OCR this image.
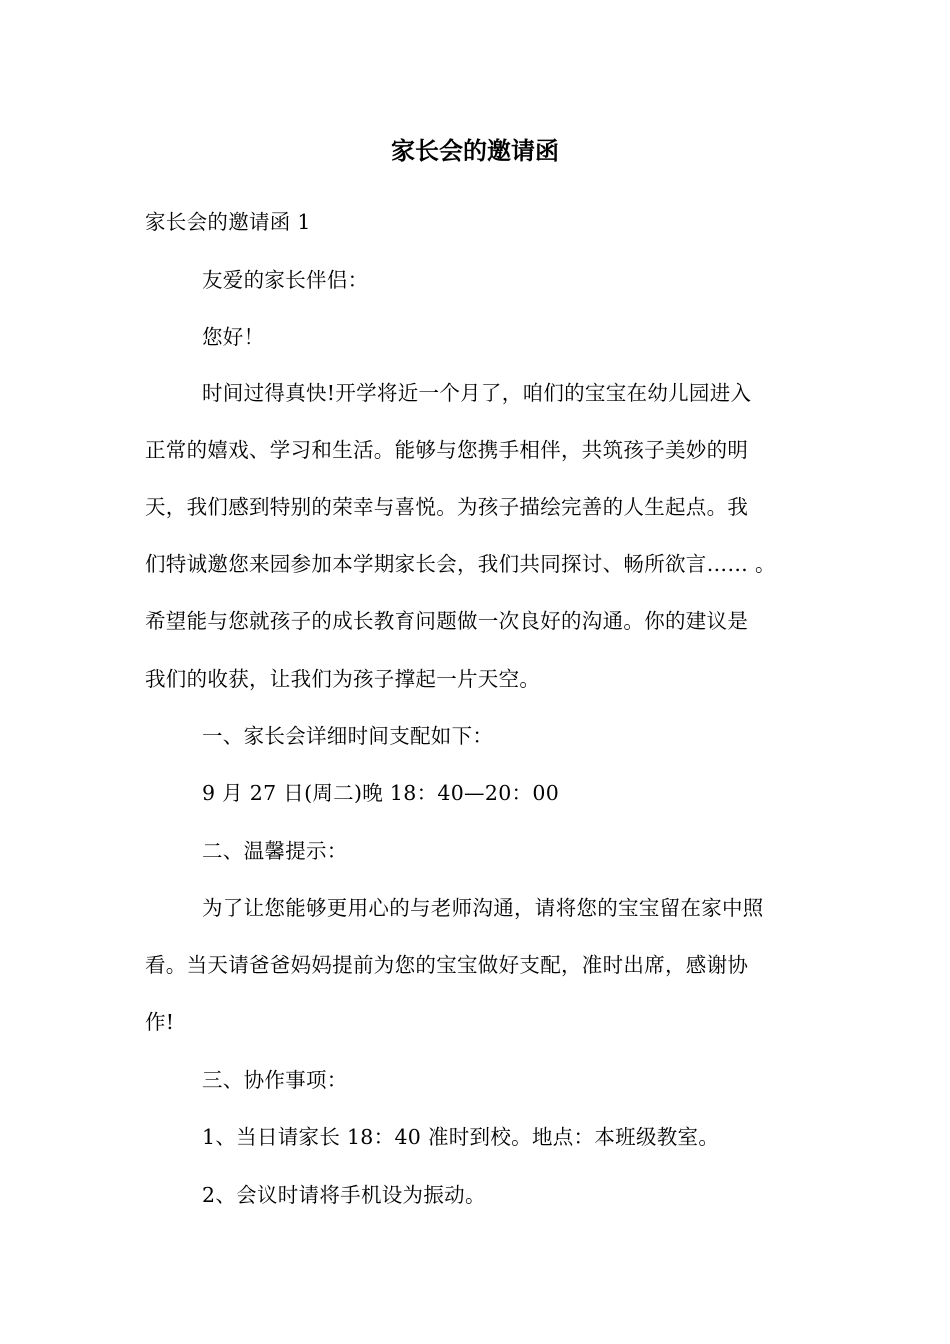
家长会的邀请函

家长会的邀请函 1

友爱的家长伴侣：

您好！

时间过得真快!开学将近一个月了，咱们的宝宝在幼儿园进入

正常的嬉戏、学习和生活。能够与您携手相伴，共筑孩子美妙的明

天，我们感到特别的荣幸与喜悦。为孩子描绘完善的人生起点。我

们特诚邀您来园参加本学期家长会，我们共同探讨、畅所欲言…… 。

希望能与您就孩子的成长教育问题做一次良好的沟通。你的建议是

我们的收获，让我们为孩子撑起一片天空。

一、家长会详细时间支配如下：

9 月 27 日(周二)晚 18：40—20：00

二、温馨提示：

为了让您能够更用心的与老师沟通，请将您的宝宝留在家中照

看。当天请爸爸妈妈提前为您的宝宝做好支配，准时出席，感谢协

作!

三、协作事项：

1、当日请家长 18：40 准时到校。地点：本班级教室。

2、会议时请将手机设为振动。
